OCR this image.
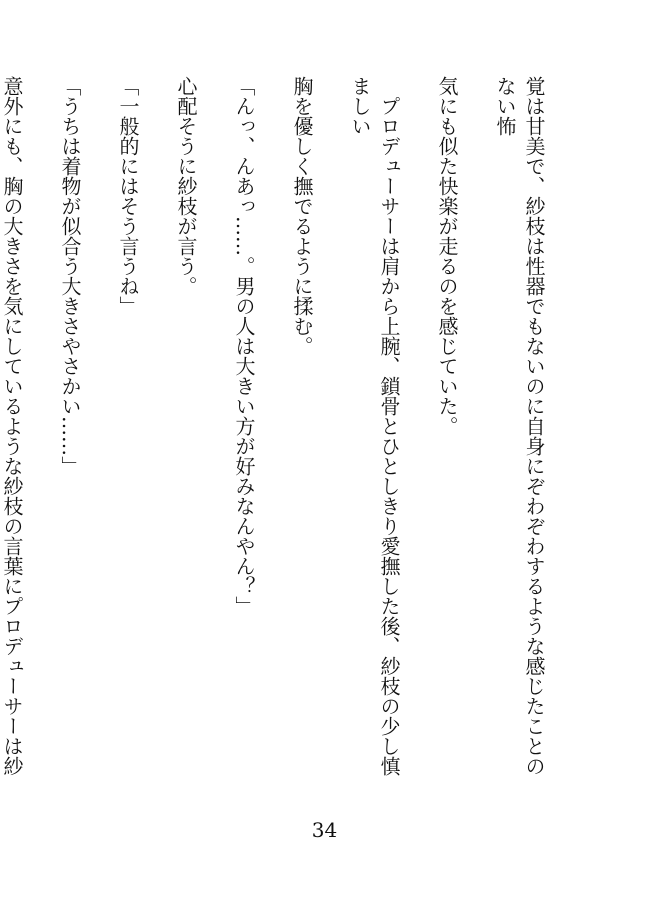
覚は甘美で、紗枝は性器でもないのに自身にぞわぞわするような感じたことのない怖

気にも似た快楽が走るのを感じていた。

　プロデューサーは肩から上腕、鎖骨とひとしきり愛撫した後、紗枝の少し慎ましい

胸を優しく撫でるように揉む。

「んっ、んあっ……。男の人は大きい方が好みなんやん？」

心配そうに紗枝が言う。

「一般的にはそう言うね」

「うちは着物が似合う大きさやさかい……」

意外にも、胸の大きさを気にしているような紗枝の言葉にプロデューサーは紗

34
